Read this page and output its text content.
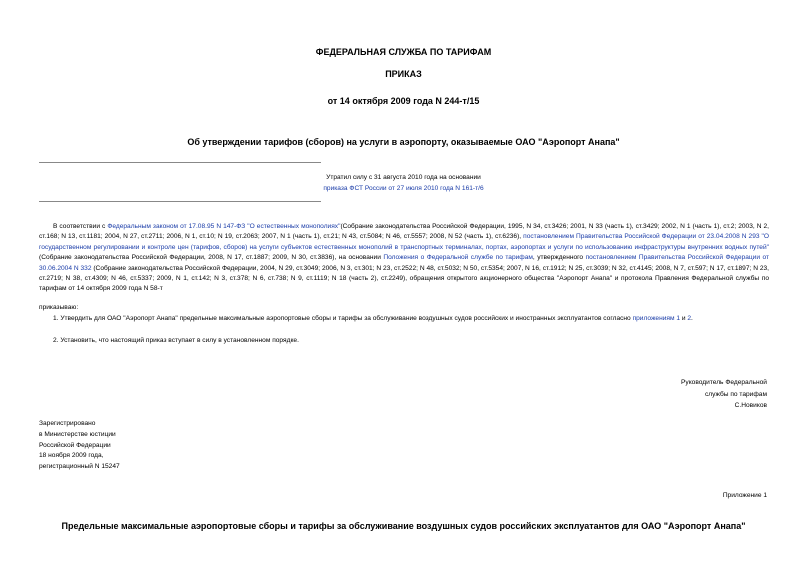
ФЕДЕРАЛЬНАЯ СЛУЖБА ПО ТАРИФАМ
ПРИКАЗ
от 14 октября 2009 года N 244-т/15
Об утверждении тарифов (сборов) на услуги в аэропорту, оказываемые ОАО "Аэропорт Анапа"
Утратил силу с 31 августа 2010 года на основании
приказа ФСТ России от 27 июля 2010 года N 161-т/6
В соответствии с Федеральным законом от 17.08.95 N 147-ФЗ "О естественных монополиях"(Собрание законодательства Российской Федерации, 1995, N 34, ст.3426; 2001, N 33 (часть 1), ст.3429; 2002, N 1 (часть 1), ст.2; 2003, N 2, ст.168; N 13, ст.1181; 2004, N 27, ст.2711; 2006, N 1, ст.10; N 19, ст.2063; 2007, N 1 (часть 1), ст.21; N 43, ст.5084; N 46, ст.5557; 2008, N 52 (часть 1), ст.6236), постановлением Правительства Российской Федерации от 23.04.2008 N 293 "О государственном регулировании и контроле цен (тарифов, сборов) на услуги субъектов естественных монополий в транспортных терминалах, портах, аэропортах и услуги по использованию инфраструктуры внутренних водных путей" (Собрание законодательства Российской Федерации, 2008, N 17, ст.1887; 2009, N 30, ст.3836), на основании Положения о Федеральной службе по тарифам, утвержденного постановлением Правительства Российской Федерации от 30.06.2004 N 332 (Собрание законодательства Российской Федерации, 2004, N 29, ст.3049; 2006, N 3, ст.301; N 23, ст.2522; N 48, ст.5032; N 50, ст.5354; 2007, N 16, ст.1912; N 25, ст.3039; N 32, ст.4145; 2008, N 7, ст.597; N 17, ст.1897; N 23, ст.2719; N 38, ст.4309; N 46, ст.5337; 2009, N 1, ст.142; N 3, ст.378; N 6, ст.738; N 9, ст.1119; N 18 (часть 2), ст.2249), обращения открытого акционерного общества "Аэропорт Анапа" и протокола Правления Федеральной службы по тарифам от 14 октября 2009 года N 58-т
приказываю:
1. Утвердить для ОАО "Аэропорт Анапа" предельные максимальные аэропортовые сборы и тарифы за обслуживание воздушных судов российских и иностранных эксплуатантов согласно приложениям 1 и 2.
2. Установить, что настоящий приказ вступает в силу в установленном порядке.
Руководитель Федеральной
службы по тарифам
С.Новиков
Зарегистрировано
в Министерстве юстиции
Российской Федерации
18 ноября 2009 года,
регистрационный N 15247
Приложение 1
Предельные максимальные аэропортовые сборы и тарифы за обслуживание воздушных судов российских эксплуатантов для ОАО "Аэропорт Анапа"
